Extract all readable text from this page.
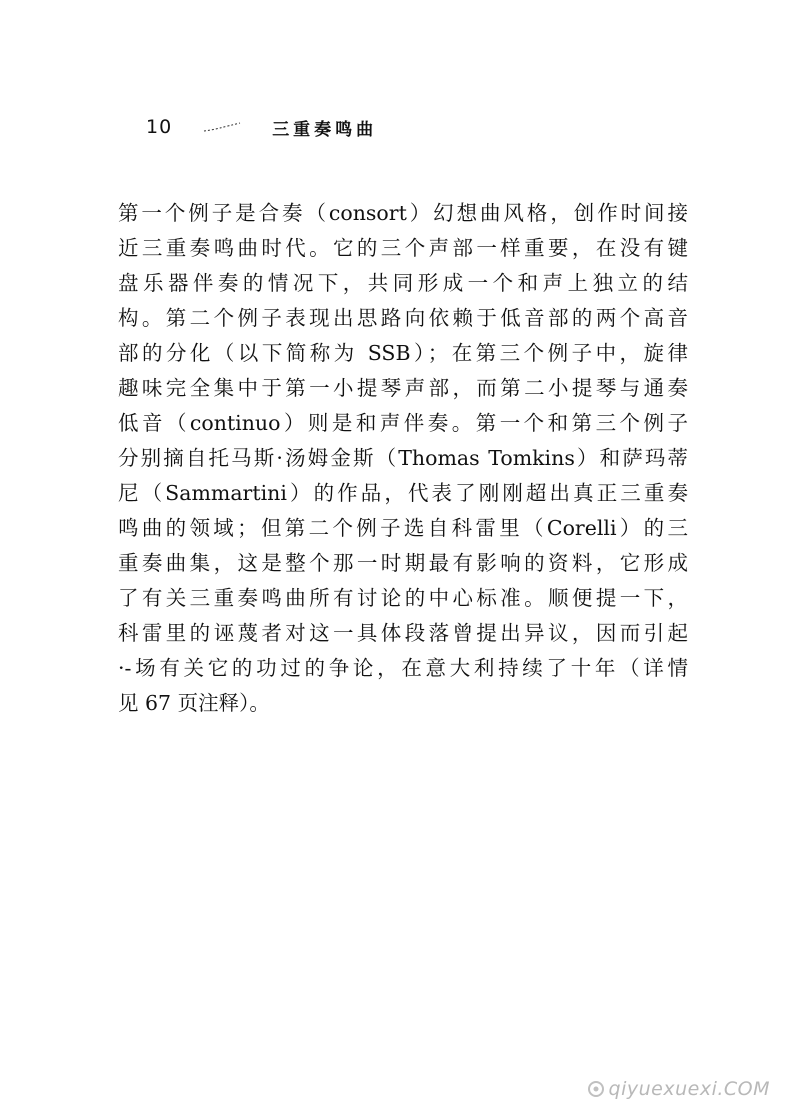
10	三重奏鸣曲
第一个例子是合奏（consort）幻想曲风格，创作时间接
近三重奏鸣曲时代。它的三个声部一样重要，在没有键
盘乐器伴奏的情况下，共同形成一个和声上独立的结
构。第二个例子表现出思路向依赖于低音部的两个高音
部的分化（以下简称为 SSB）；在第三个例子中，旋律
趣味完全集中于第一小提琴声部，而第二小提琴与通奏
低音（continuo）则是和声伴奏。第一个和第三个例子
分别摘自托马斯·汤姆金斯（Thomas Tomkins）和萨玛蒂
尼（Sammartini）的作品，代表了刚刚超出真正三重奏
鸣曲的领域；但第二个例子选自科雷里（Corelli）的三
重奏曲集，这是整个那一时期最有影响的资料，它形成
了有关三重奏鸣曲所有讨论的中心标准。顺便提一下，
科雷里的诬蔑者对这一具体段落曾提出异议，因而引起
·-场有关它的功过的争论，在意大利持续了十年（详情
见 67 页注释）。
qiyuexuexi.COM
